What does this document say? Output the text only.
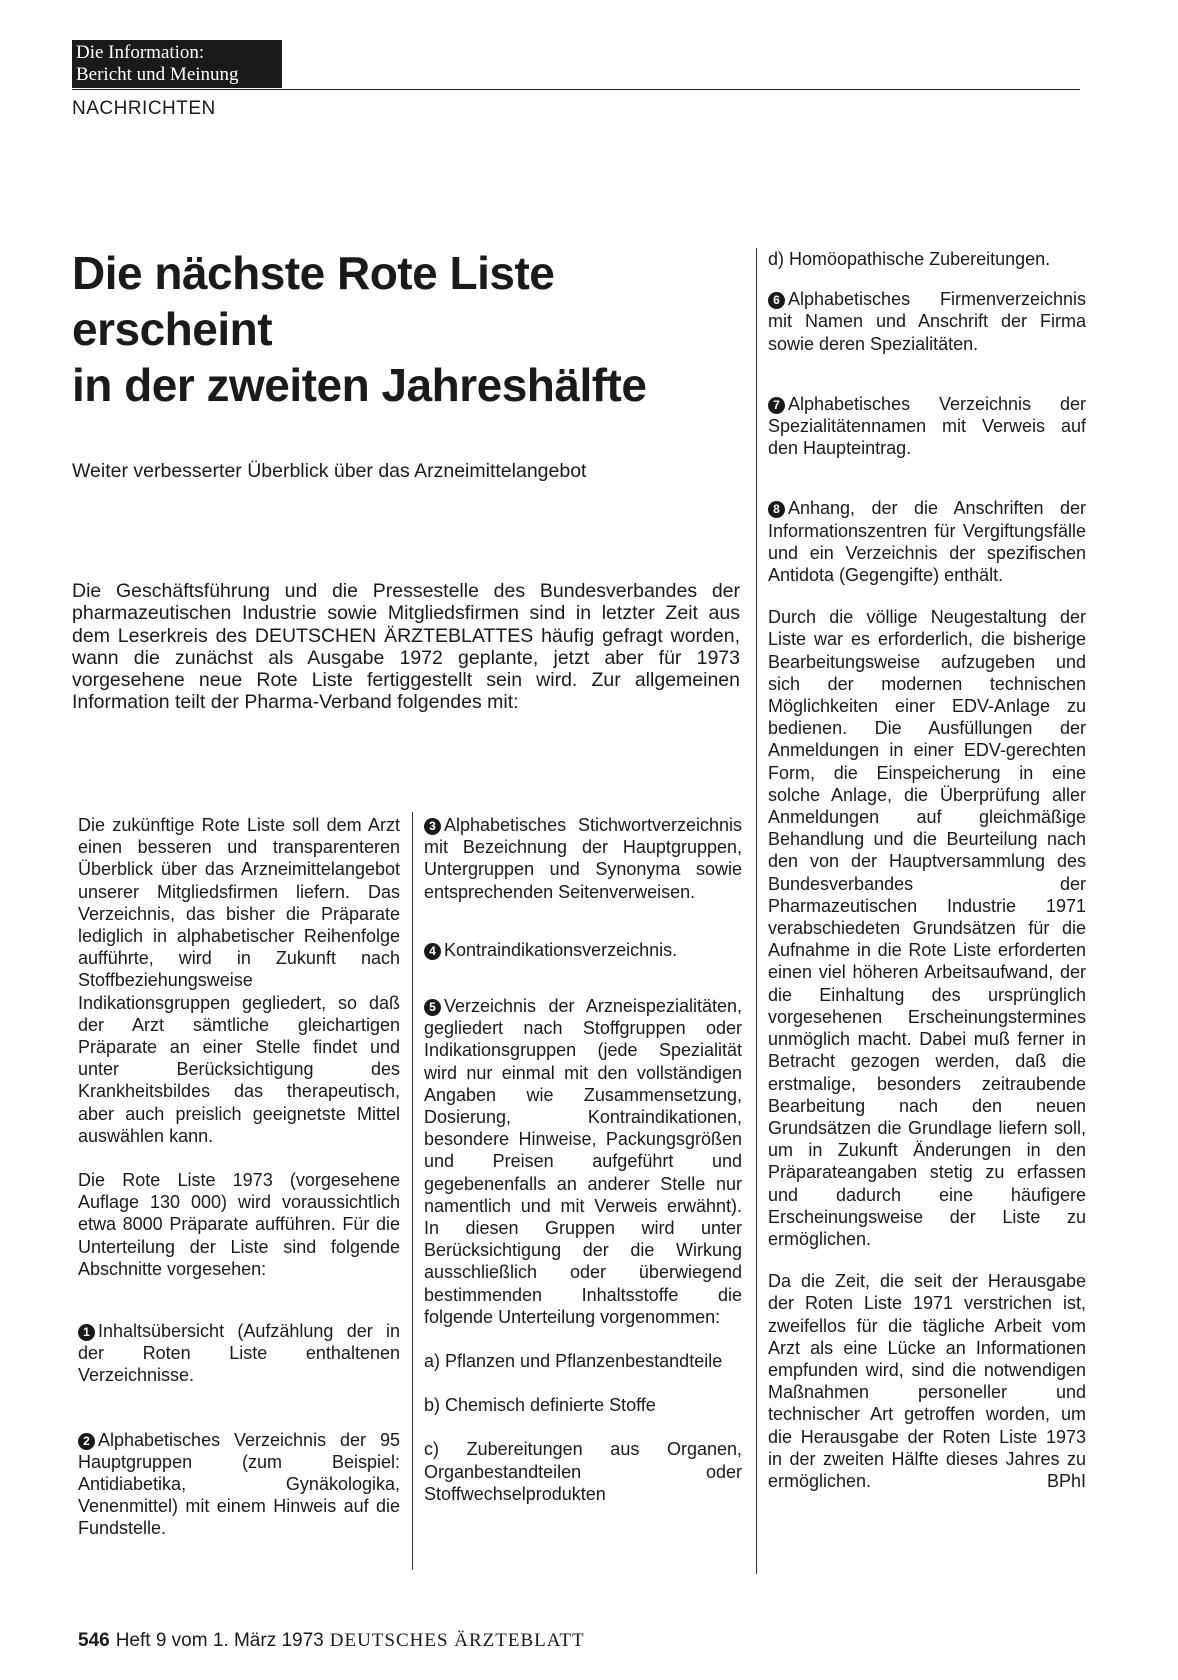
Die Information:
Bericht und Meinung
NACHRICHTEN
Die nächste Rote Liste
erscheint
in der zweiten Jahreshälfte
Weiter verbesserter Überblick über das Arzneimittelangebot
Die Geschäftsführung und die Pressestelle des Bundesverbandes der pharmazeutischen Industrie sowie Mitgliedsfirmen sind in letzter Zeit aus dem Leserkreis des DEUTSCHEN ÄRZTEBLATTES häufig gefragt worden, wann die zunächst als Ausgabe 1972 geplante, jetzt aber für 1973 vorgesehene neue Rote Liste fertiggestellt sein wird. Zur allgemeinen Information teilt der Pharma-Verband folgendes mit:

Die zukünftige Rote Liste soll dem Arzt einen besseren und transparenteren Überblick über das Arzneimittelangebot unserer Mitgliedsfirmen liefern. Das Verzeichnis, das bisher die Präparate lediglich in alphabetischer Reihenfolge aufführte, wird in Zukunft nach Stoffbeziehungsweise Indikationsgruppen gegliedert, so daß der Arzt sämtliche gleichartigen Präparate an einer Stelle findet und unter Berücksichtigung des Krankheitsbildes das therapeutisch, aber auch preislich geeignetste Mittel auswählen kann.

Die Rote Liste 1973 (vorgesehene Auflage 130 000) wird voraussichtlich etwa 8000 Präparate aufführen. Für die Unterteilung der Liste sind folgende Abschnitte vorgesehen:

1 Inhaltsübersicht (Aufzählung der in der Roten Liste enthaltenen Verzeichnisse.

2 Alphabetisches Verzeichnis der 95 Hauptgruppen (zum Beispiel: Antidiabetika, Gynäkologika, Venenmittel) mit einem Hinweis auf die Fundstelle.

3 Alphabetisches Stichwortverzeichnis mit Bezeichnung der Hauptgruppen, Untergruppen und Synonyma sowie entsprechenden Seitenverweisen.

4 Kontraindikationsverzeichnis.

5 Verzeichnis der Arzneispezialitäten, gegliedert nach Stoffgruppen oder Indikationsgruppen (jede Spezialität wird nur einmal mit den vollständigen Angaben wie Zusammensetzung, Dosierung, Kontraindikationen, besondere Hinweise, Packungsgrößen und Preisen aufgeführt und gegebenenfalls an anderer Stelle nur namentlich und mit Verweis erwähnt). In diesen Gruppen wird unter Berücksichtigung der die Wirkung ausschließlich oder überwiegend bestimmenden Inhaltsstoffe die folgende Unterteilung vorgenommen:

a) Pflanzen und Pflanzenbestandteile

b) Chemisch definierte Stoffe

c) Zubereitungen aus Organen, Organbestandteilen oder Stoffwechselprodukten

d) Homöopathische Zubereitungen.

6 Alphabetisches Firmenverzeichnis mit Namen und Anschrift der Firma sowie deren Spezialitäten.

7 Alphabetisches Verzeichnis der Spezialitätennamen mit Verweis auf den Haupteintrag.

8 Anhang, der die Anschriften der Informationszentren für Vergiftungsfälle und ein Verzeichnis der spezifischen Antidota (Gegengifte) enthält.

Durch die völlige Neugestaltung der Liste war es erforderlich, die bisherige Bearbeitungsweise aufzugeben und sich der modernen technischen Möglichkeiten einer EDV-Anlage zu bedienen. Die Ausfüllungen der Anmeldungen in einer EDV-gerechten Form, die Einspeicherung in eine solche Anlage, die Überprüfung aller Anmeldungen auf gleichmäßige Behandlung und die Beurteilung nach den von der Hauptversammlung des Bundesverbandes der Pharmazeutischen Industrie 1971 verabschiedeten Grundsätzen für die Aufnahme in die Rote Liste erforderten einen viel höheren Arbeitsaufwand, der die Einhaltung des ursprünglich vorgesehenen Erscheinungstermines unmöglich macht. Dabei muß ferner in Betracht gezogen werden, daß die erstmalige, besonders zeitraubende Bearbeitung nach den neuen Grundsätzen die Grundlage liefern soll, um in Zukunft Änderungen in den Präparateangaben stetig zu erfassen und dadurch eine häufigere Erscheinungsweise der Liste zu ermöglichen.

Da die Zeit, die seit der Herausgabe der Roten Liste 1971 verstrichen ist, zweifellos für die tägliche Arbeit vom Arzt als eine Lücke an Informationen empfunden wird, sind die notwendigen Maßnahmen personeller und technischer Art getroffen worden, um die Herausgabe der Roten Liste 1973 in der zweiten Hälfte dieses Jahres zu ermöglichen.	BPhI

546 Heft 9 vom 1. März 1973 DEUTSCHES ÄRZTEBLATT
